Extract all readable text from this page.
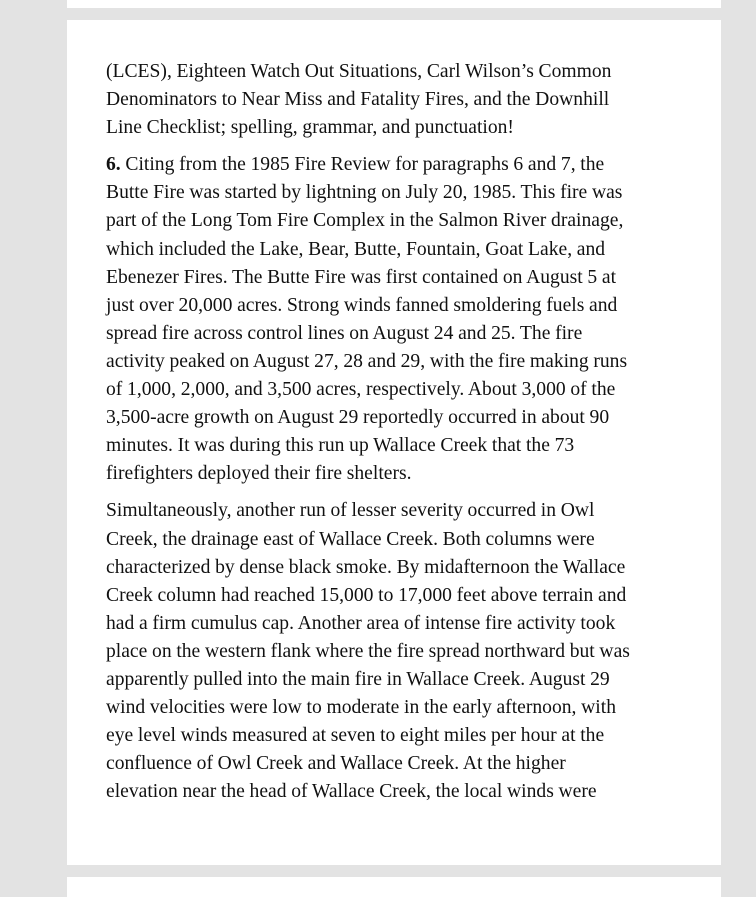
(LCES), Eighteen Watch Out Situations, Carl Wilson’s Common
Denominators to Near Miss and Fatality Fires, and the Downhill
Line Checklist; spelling, grammar, and punctuation!

6. Citing from the 1985 Fire Review for paragraphs 6 and 7, the
Butte Fire was started by lightning on July 20, 1985. This fire was
part of the Long Tom Fire Complex in the Salmon River drainage,
which included the Lake, Bear, Butte, Fountain, Goat Lake, and
Ebenezer Fires. The Butte Fire was first contained on August 5 at
just over 20,000 acres. Strong winds fanned smoldering fuels and
spread fire across control lines on August 24 and 25. The fire
activity peaked on August 27, 28 and 29, with the fire making runs
of 1,000, 2,000, and 3,500 acres, respectively. About 3,000 of the
3,500-acre growth on August 29 reportedly occurred in about 90
minutes. It was during this run up Wallace Creek that the 73
firefighters deployed their fire shelters.

Simultaneously, another run of lesser severity occurred in Owl
Creek, the drainage east of Wallace Creek. Both columns were
characterized by dense black smoke. By midafternoon the Wallace
Creek column had reached 15,000 to 17,000 feet above terrain and
had a firm cumulus cap. Another area of intense fire activity took
place on the western flank where the fire spread northward but was
apparently pulled into the main fire in Wallace Creek. August 29
wind velocities were low to moderate in the early afternoon, with
eye level winds measured at seven to eight miles per hour at the
confluence of Owl Creek and Wallace Creek. At the higher
elevation near the head of Wallace Creek, the local winds were
